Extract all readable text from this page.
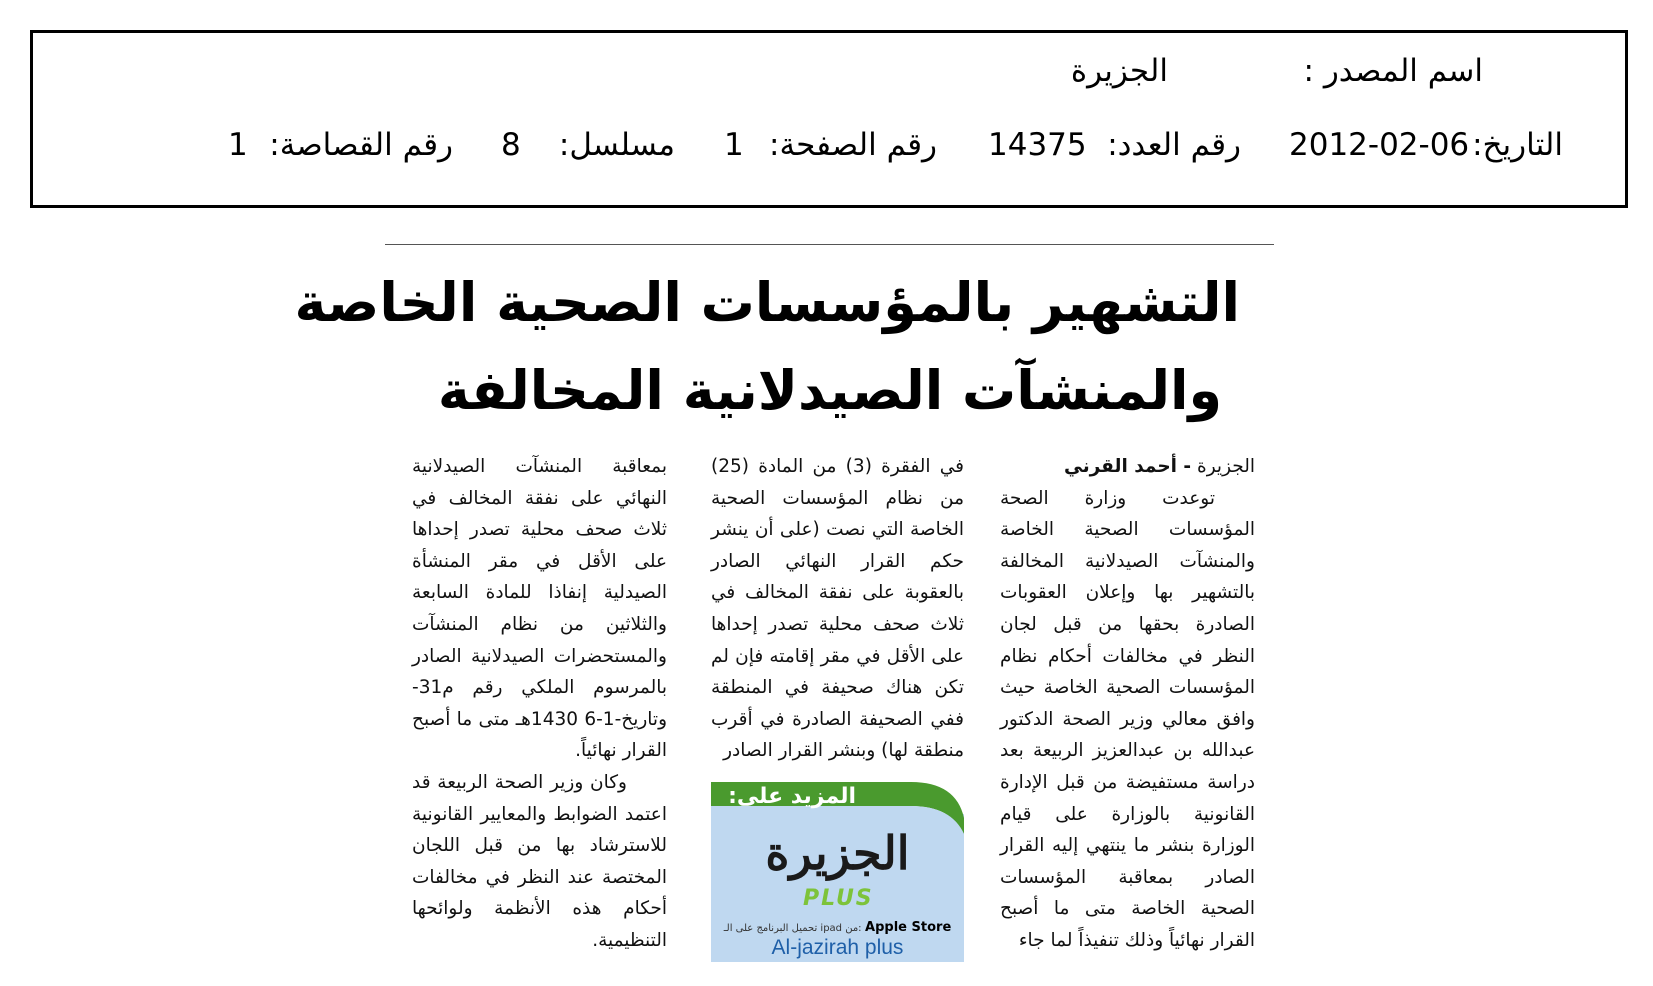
اسم المصدر :
الجزيرة
التاريخ:
2012-02-06
رقم العدد:
14375
رقم الصفحة:
1
مسلسل:
8
رقم القصاصة:
1
التشهير بالمؤسسات الصحية الخاصة
والمنشآت الصيدلانية المخالفة

الجزيرة - أحمد القرني

توعدت وزارة الصحة المؤسسات الصحية الخاصة والمنشآت الصيدلانية المخالفة بالتشهير بها وإعلان العقوبات الصادرة بحقها من قبل لجان النظر في مخالفات أحكام نظام المؤسسات الصحية الخاصة حيث وافق معالي وزير الصحة الدكتور عبدالله بن عبدالعزيز الربيعة بعد دراسة مستفيضة من قبل الإدارة القانونية بالوزارة على قيام الوزارة بنشر ما ينتهي إليه القرار الصادر بمعاقبة المؤسسات الصحية الخاصة متى ما أصبح القرار نهائياً وذلك تنفيذاً لما جاء

في الفقرة (3) من المادة (25) من نظام المؤسسات الصحية الخاصة التي نصت (على أن ينشر حكم القرار النهائي الصادر بالعقوبة على نفقة المخالف في ثلاث صحف محلية تصدر إحداها على الأقل في مقر إقامته فإن لم تكن هناك صحيفة في المنطقة ففي الصحيفة الصادرة في أقرب منطقة لها) وبنشر القرار الصادر

المزيد على:
الجزيرة
PLUS
تحميل البرنامج على الـ ipad من: Apple Store
Al-jazirah plus

بمعاقبة المنشآت الصيدلانية النهائي على نفقة المخالف في ثلاث صحف محلية تصدر إحداها على الأقل في مقر المنشأة الصيدلية إنفاذا للمادة السابعة والثلاثين من نظام المنشآت والمستحضرات الصيدلانية الصادر بالمرسوم الملكي رقم م31- وتاريخ-1-6 1430هـ متى ما أصبح القرار نهائياً.

وكان وزير الصحة الربيعة قد اعتمد الضوابط والمعايير القانونية للاسترشاد بها من قبل اللجان المختصة عند النظر في مخالفات أحكام هذه الأنظمة ولوائحها التنظيمية.
